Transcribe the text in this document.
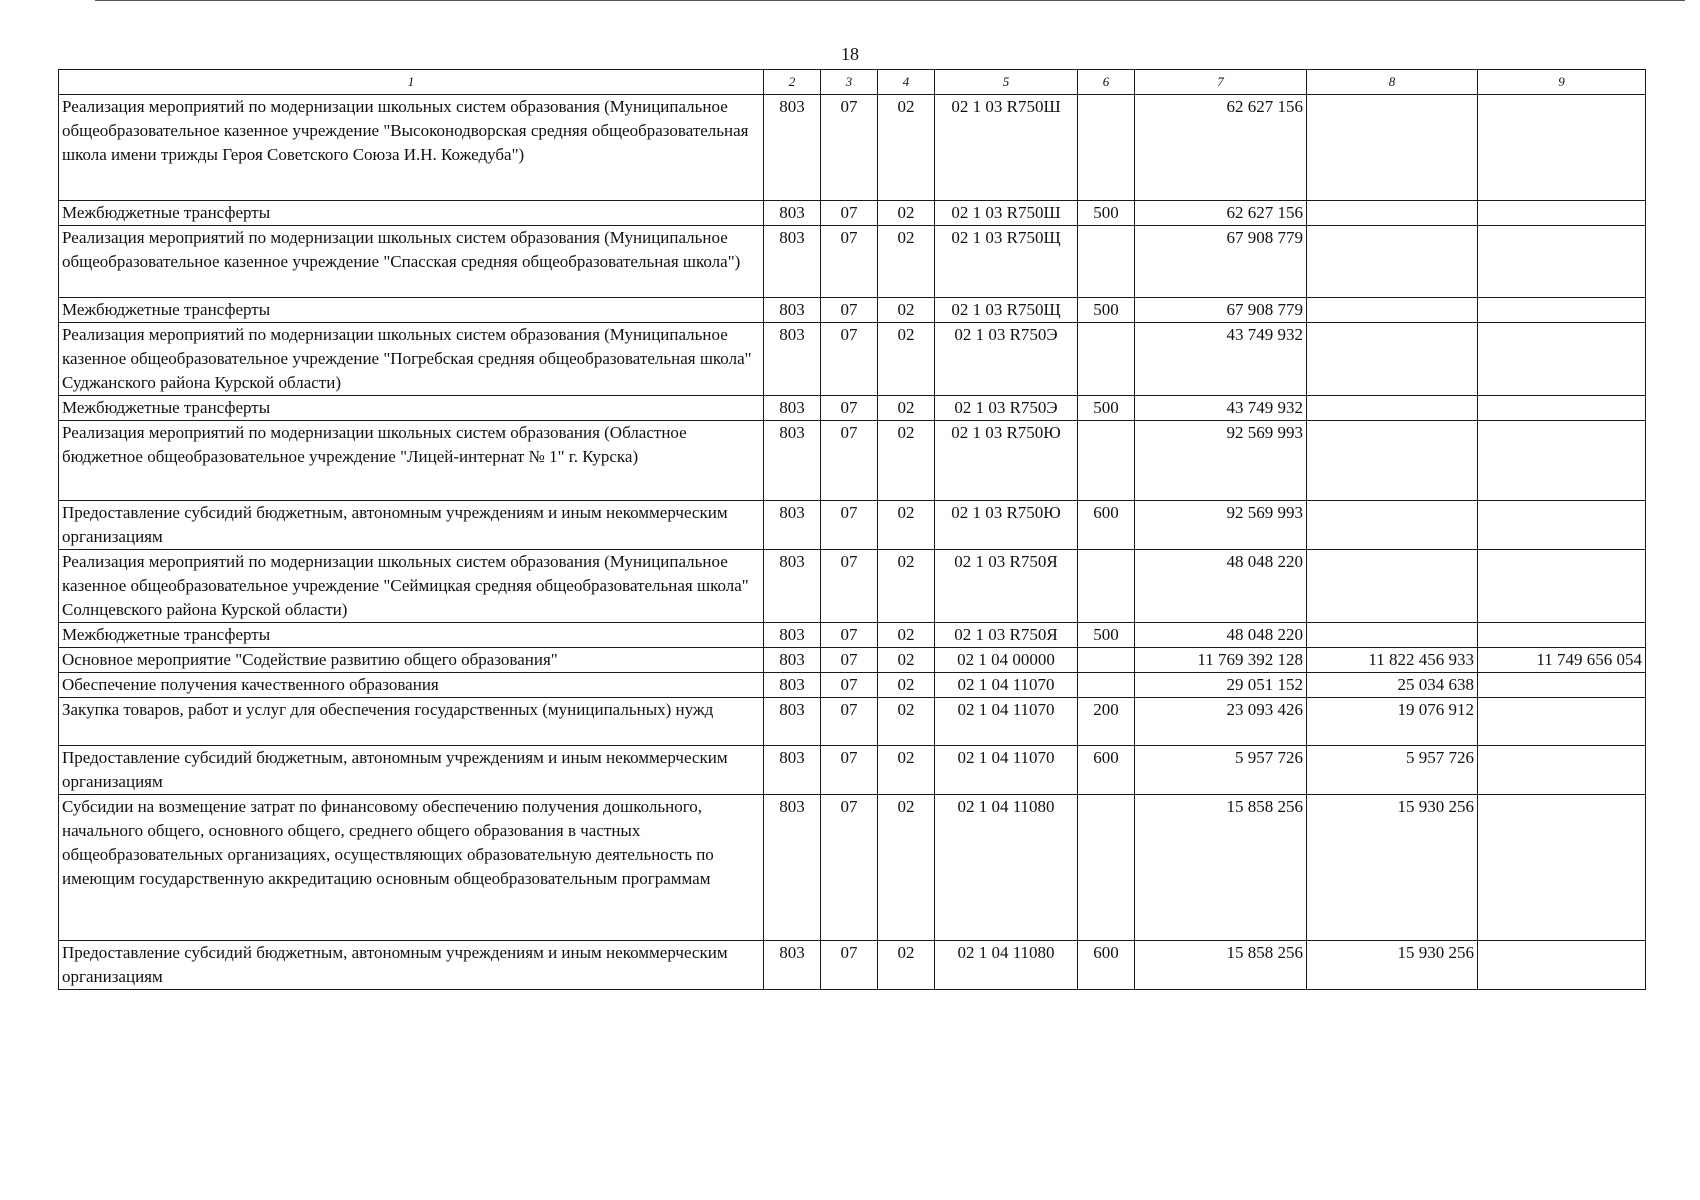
18
1	2	3	4	5	6	7	8	9
Реализация мероприятий по модернизации школьных систем образования (Муниципальное общеобразовательное казенное учреждение "Высоконодворская средняя общеобразовательная школа имени трижды Героя Советского Союза И.Н. Кожедуба")	803	07	02	02 1 03 R750Ш		62 627 156		
Межбюджетные трансферты	803	07	02	02 1 03 R750Ш	500	62 627 156		
Реализация мероприятий по модернизации школьных систем образования (Муниципальное общеобразовательное казенное учреждение "Спасская средняя общеобразовательная школа")	803	07	02	02 1 03 R750Щ		67 908 779		
Межбюджетные трансферты	803	07	02	02 1 03 R750Щ	500	67 908 779		
Реализация мероприятий по модернизации школьных систем образования (Муниципальное казенное общеобразовательное учреждение "Погребская средняя общеобразовательная школа" Суджанского района Курской области)	803	07	02	02 1 03 R750Э		43 749 932		
Межбюджетные трансферты	803	07	02	02 1 03 R750Э	500	43 749 932		
Реализация мероприятий по модернизации школьных систем образования (Областное бюджетное общеобразовательное учреждение "Лицей-интернат № 1" г. Курска)	803	07	02	02 1 03 R750Ю		92 569 993		
Предоставление субсидий бюджетным, автономным учреждениям и иным некоммерческим организациям	803	07	02	02 1 03 R750Ю	600	92 569 993		
Реализация мероприятий по модернизации школьных систем образования (Муниципальное казенное общеобразовательное учреждение "Сеймицкая средняя общеобразовательная школа" Солнцевского района Курской области)	803	07	02	02 1 03 R750Я		48 048 220		
Межбюджетные трансферты	803	07	02	02 1 03 R750Я	500	48 048 220		
Основное мероприятие "Содействие развитию общего образования"	803	07	02	02 1 04 00000		11 769 392 128	11 822 456 933	11 749 656 054
Обеспечение получения качественного образования	803	07	02	02 1 04 11070		29 051 152	25 034 638	
Закупка товаров, работ и услуг для обеспечения государственных (муниципальных) нужд	803	07	02	02 1 04 11070	200	23 093 426	19 076 912	
Предоставление субсидий бюджетным, автономным учреждениям и иным некоммерческим организациям	803	07	02	02 1 04 11070	600	5 957 726	5 957 726	
Субсидии на возмещение затрат по финансовому обеспечению получения дошкольного, начального общего, основного общего, среднего общего образования в частных общеобразовательных организациях, осуществляющих образовательную деятельность по имеющим государственную аккредитацию основным общеобразовательным программам	803	07	02	02 1 04 11080		15 858 256	15 930 256	
Предоставление субсидий бюджетным, автономным учреждениям и иным некоммерческим организациям	803	07	02	02 1 04 11080	600	15 858 256	15 930 256	
